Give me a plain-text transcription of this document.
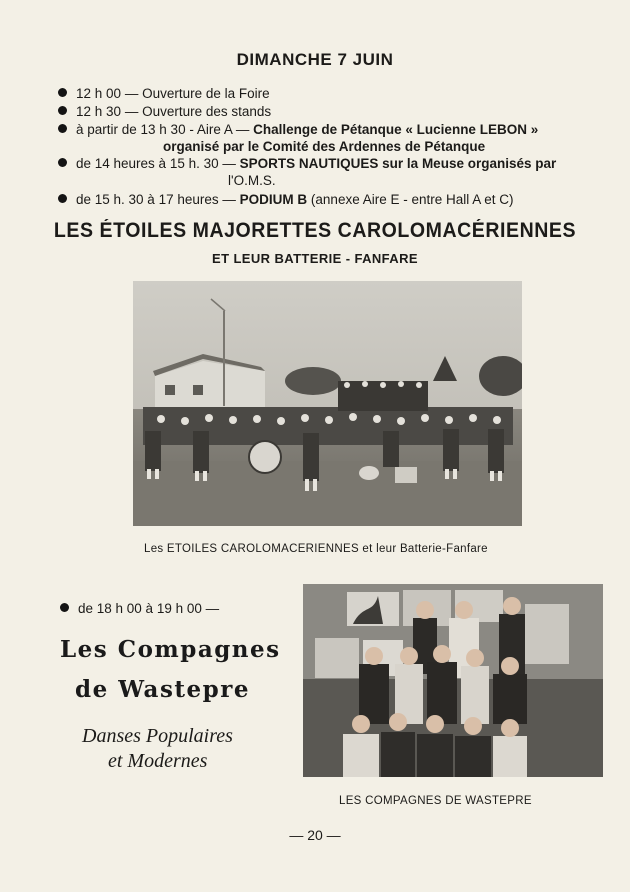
DIMANCHE 7 JUIN
12 h 00 — Ouverture de la Foire
12 h 30 — Ouverture des stands
à partir de 13 h 30 - Aire A — Challenge de Pétanque « Lucienne LEBON »
organisé par le Comité des Ardennes de Pétanque
de 14 heures à 15 h. 30 — SPORTS NAUTIQUES sur la Meuse organisés par
l'O.M.S.
de 15 h. 30 à 17 heures — PODIUM B (annexe Aire E - entre Hall A et C)
LES ÉTOILES MAJORETTES CAROLOMACÉRIENNES
ET LEUR BATTERIE - FANFARE
Les ETOILES CAROLOMACERIENNES et leur Batterie-Fanfare
de 18 h 00 à 19 h 00 —
Les Compagnes
de Wastepre
Danses Populaires
et Modernes
LES COMPAGNES DE WASTEPRE
— 20 —
